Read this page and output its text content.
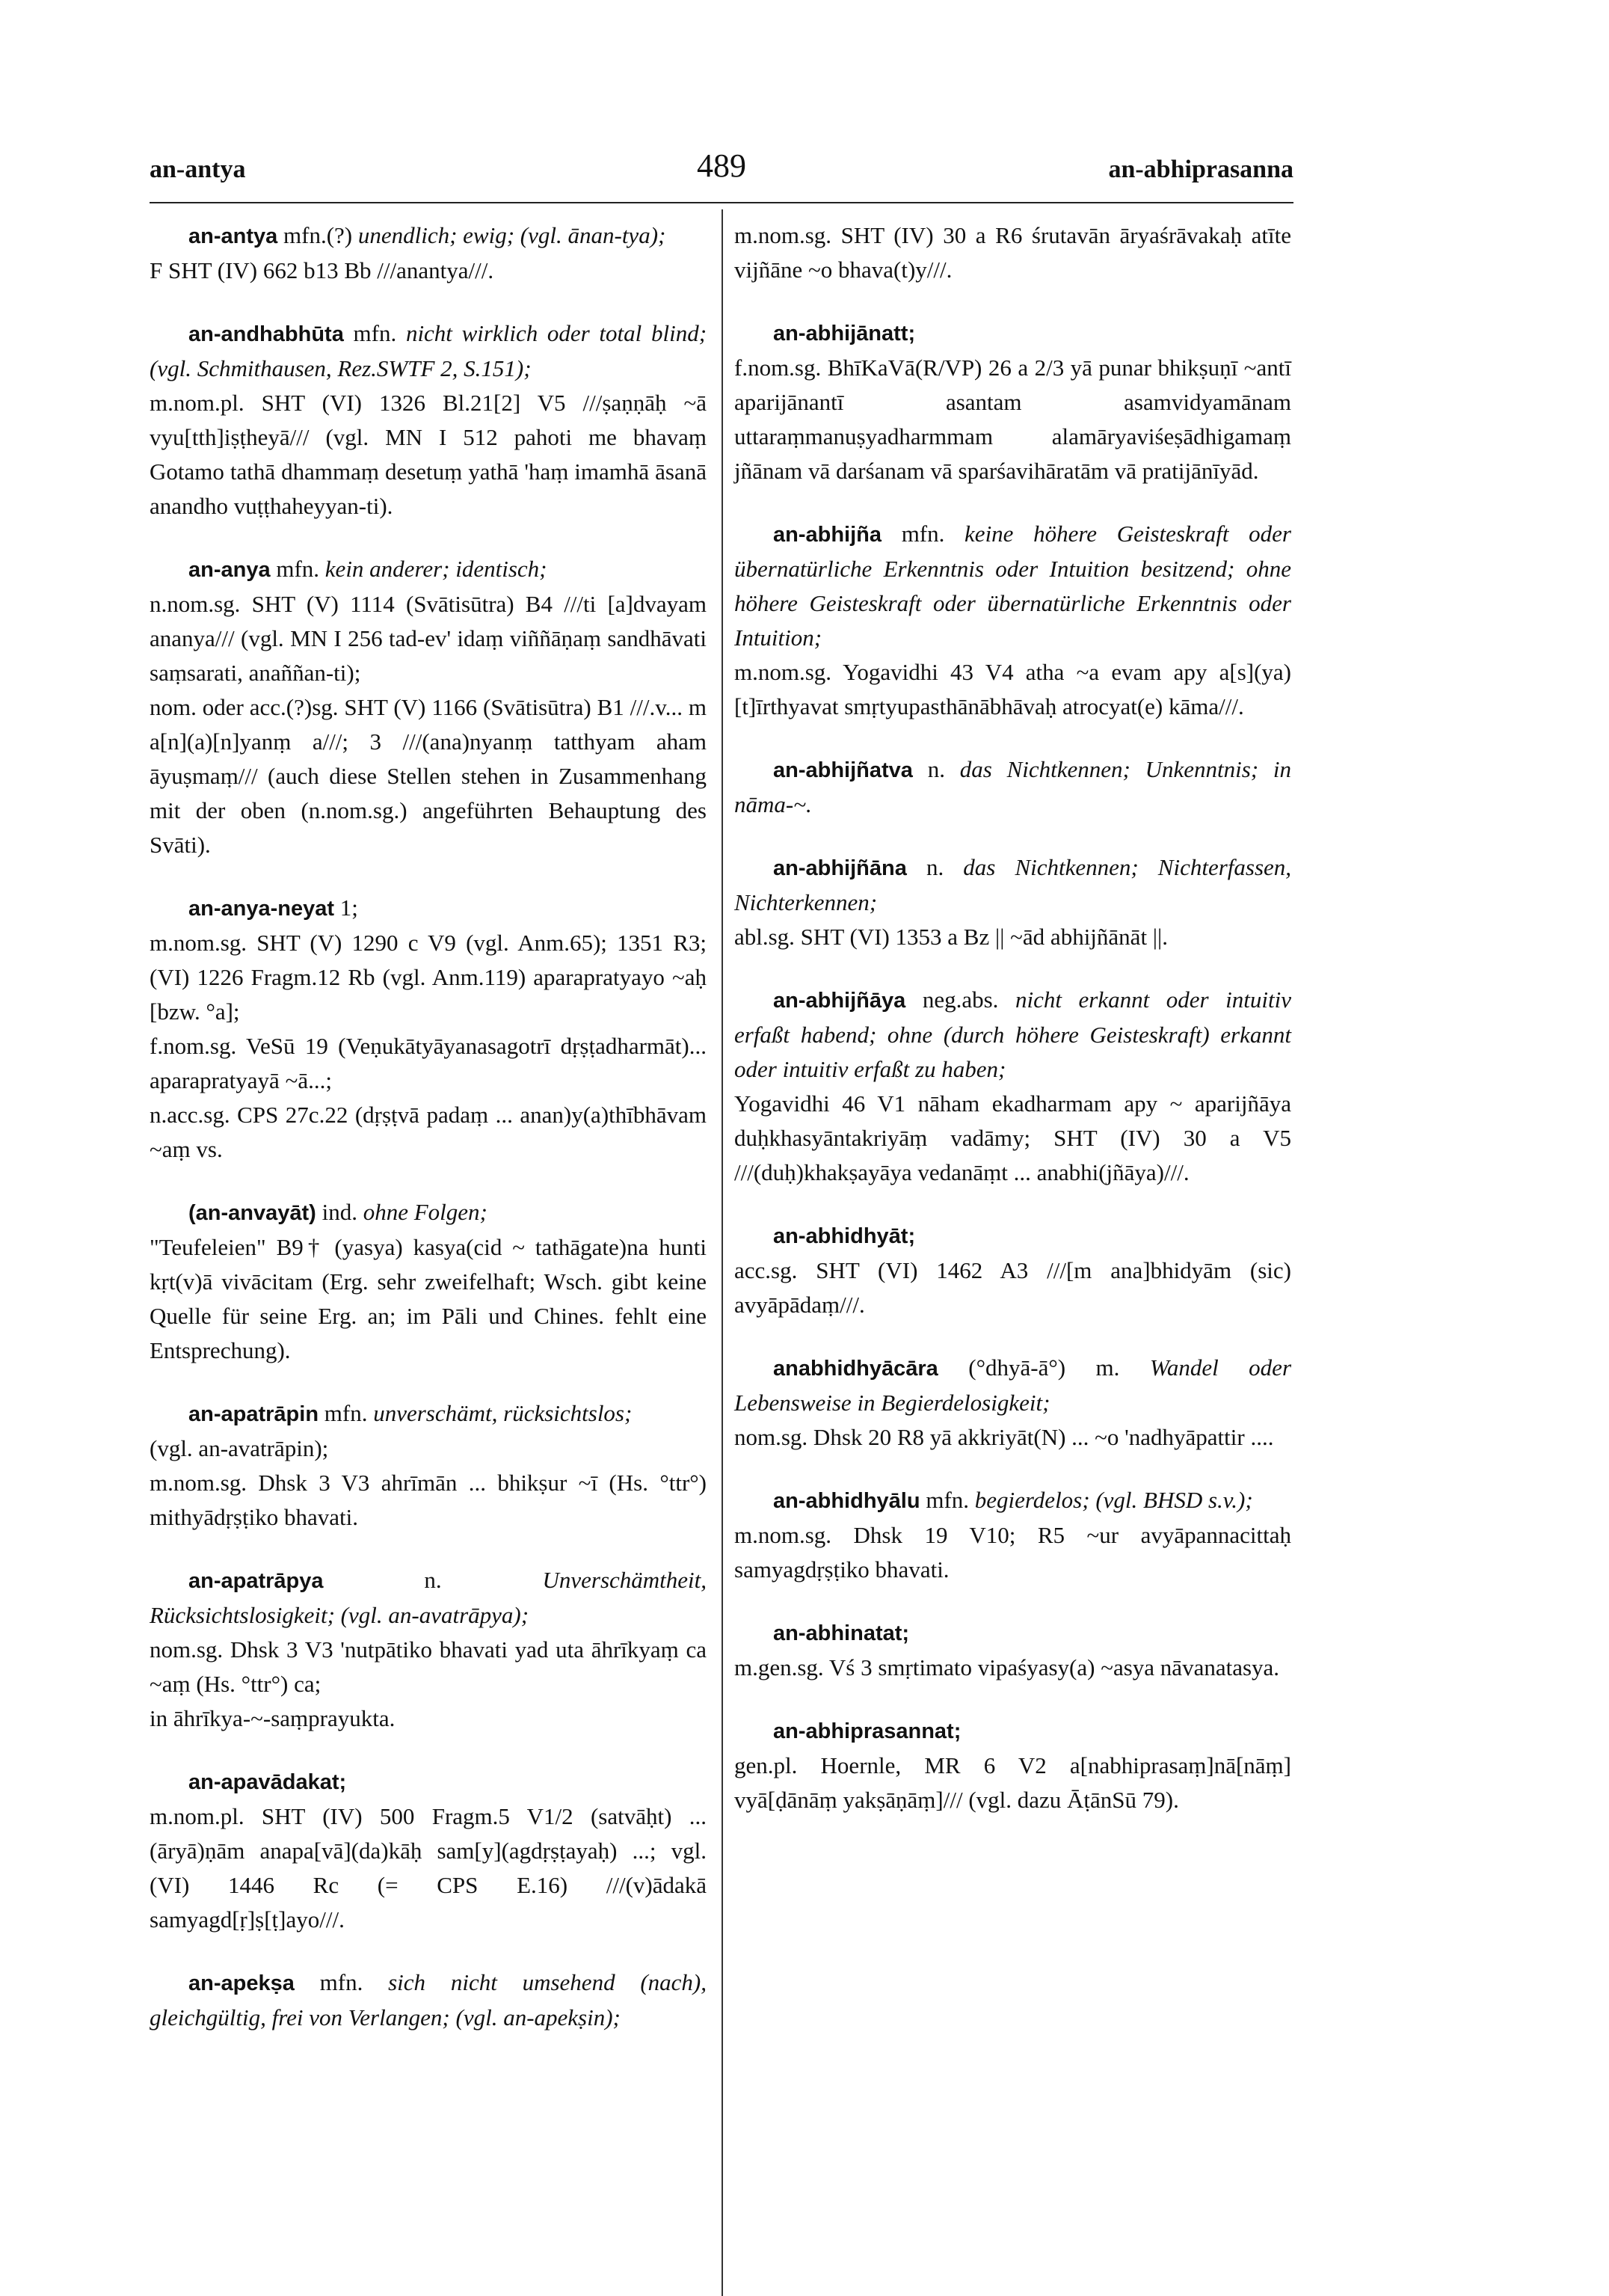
an-antya	489	an-abhiprasanna

an-antya mfn.(?) unendlich; ewig; (vgl. ānan-tya);

F SHT (IV) 662 b13 Bb ///anantya///.

an-andhabhūta mfn. nicht wirklich oder total blind; (vgl. Schmithausen, Rez.SWTF 2, S.151);

m.nom.pl. SHT (VI) 1326 Bl.21[2] V5 ///ṣaṇṇāḥ ~ā vyu[tth]iṣṭheyā/// (vgl. MN I 512 pahoti me bhavaṃ Gotamo tathā dhammaṃ desetuṃ yathā 'haṃ imamhā āsanā anandho vuṭṭhaheyyan-ti).

an-anya mfn. kein anderer; identisch;

n.nom.sg. SHT (V) 1114 (Svātisūtra) B4 ///ti [a]dvayam ananya/// (vgl. MN I 256 tad-ev' idaṃ viññāṇaṃ sandhāvati saṃsarati, anaññan-ti);

nom. oder acc.(?)sg. SHT (V) 1166 (Svātisūtra) B1 ///.v... m a[n](a)[n]yanṃ a///; 3 ///(ana)nyanṃ tatthyam aham āyuṣmaṃ/// (auch diese Stellen stehen in Zusammenhang mit der oben (n.nom.sg.) angeführten Behauptung des Svāti).

an-anya-neyat 1;

m.nom.sg. SHT (V) 1290 c V9 (vgl. Anm.65); 1351 R3; (VI) 1226 Fragm.12 Rb (vgl. Anm.119) aparapratyayo ~aḥ [bzw. °a];

f.nom.sg. VeSū 19 (Veṇukātyāyanasagotrī dṛṣṭadharmāt)... aparapratyayā ~ā...;

n.acc.sg. CPS 27c.22 (dṛṣṭvā padaṃ ... anan)y(a)thībhāvam ~aṃ vs.

(an-anvayāt) ind. ohne Folgen;

"Teufeleien" B9† (yasya) kasya(cid ~ tathāgate)na hunti kṛt(v)ā vivācitam (Erg. sehr zweifelhaft; Wsch. gibt keine Quelle für seine Erg. an; im Pāli und Chines. fehlt eine Entsprechung).

an-apatrāpin mfn. unverschämt, rücksichtslos;

(vgl. an-avatrāpin);

m.nom.sg. Dhsk 3 V3 ahrīmān ... bhikṣur ~ī (Hs. °ttr°) mithyādṛṣṭiko bhavati.

an-apatrāpya	n.	Unverschämtheit, Rücksichtslosigkeit; (vgl. an-avatrāpya);

nom.sg. Dhsk 3 V3 'nutpātiko bhavati yad uta āhrīkyaṃ ca ~aṃ (Hs. °ttr°) ca;

in āhrīkya-~-saṃprayukta.

an-apavādakat;

m.nom.pl. SHT (IV) 500 Fragm.5 V1/2 (satvāḥt) ... (āryā)ṇām anapa[vā](da)kāḥ sam[y](agdṛṣṭayaḥ) ...; vgl. (VI) 1446 Rc (= CPS E.16) ///(v)ādakā samyagd[ṛ]ṣ[ṭ]ayo///.

an-apekṣa mfn. sich nicht umsehend (nach), gleichgültig, frei von Verlangen; (vgl. an-apekṣin);

m.nom.sg. SHT (IV) 30 a R6 śrutavān āryaśrāvakaḥ atīte vijñāne ~o bhava(t)y///.

an-abhijānatt;

f.nom.sg. BhīKaVā(R/VP) 26 a 2/3 yā punar bhikṣuṇī ~antī aparijānantī asantam asamvidyamānam uttaraṃmanuṣyadharmmam alamāryaviśeṣādhigamaṃ jñānam vā darśanam vā sparśavihāratām vā pratijānīyād.

an-abhijña mfn. keine höhere Geisteskraft oder übernatürliche Erkenntnis oder Intuition besitzend; ohne höhere Geisteskraft oder übernatürliche Erkenntnis oder Intuition;

m.nom.sg. Yogavidhi 43 V4 atha ~a evam apy a[s](ya) [t]īrthyavat smṛtyupasthānābhāvaḥ atrocyat(e) kāma///.

an-abhijñatva n. das Nichtkennen; Unkenntnis; in nāma-~.

an-abhijñāna n. das Nichtkennen; Nichterfassen, Nichterkennen;

abl.sg. SHT (VI) 1353 a Bz || ~ād abhijñānāt ||.

an-abhijñāya neg.abs. nicht erkannt oder intuitiv erfaßt habend; ohne (durch höhere Geisteskraft) erkannt oder intuitiv erfaßt zu haben;

Yogavidhi 46 V1 nāham ekadharmam apy ~ aparijñāya duḥkhasyāntakriyāṃ vadāmy; SHT (IV) 30 a V5 ///(duḥ)khakṣayāya vedanāṃt ... anabhi(jñāya)///.

an-abhidhyāt;

acc.sg. SHT (VI) 1462 A3 ///[m ana]bhidyām (sic) avyāpādaṃ///.

anabhidhyācāra (°dhyā-ā°) m. Wandel oder Lebensweise in Begierdelosigkeit;

nom.sg. Dhsk 20 R8 yā akkriyāt(N) ... ~o 'nadhyāpattir ....

an-abhidhyālu mfn. begierdelos; (vgl. BHSD s.v.);

m.nom.sg. Dhsk 19 V10; R5 ~ur avyāpannacittaḥ samyagdṛṣṭiko bhavati.

an-abhinatat;

m.gen.sg. Vś 3 smṛtimato vipaśyasy(a) ~asya nāvanatasya.

an-abhiprasannat;

gen.pl. Hoernle, MR 6 V2 a[nabhiprasaṃ]nā[nāṃ] vyā[ḍānāṃ yakṣāṇāṃ]/// (vgl. dazu ĀṭānSū 79).
